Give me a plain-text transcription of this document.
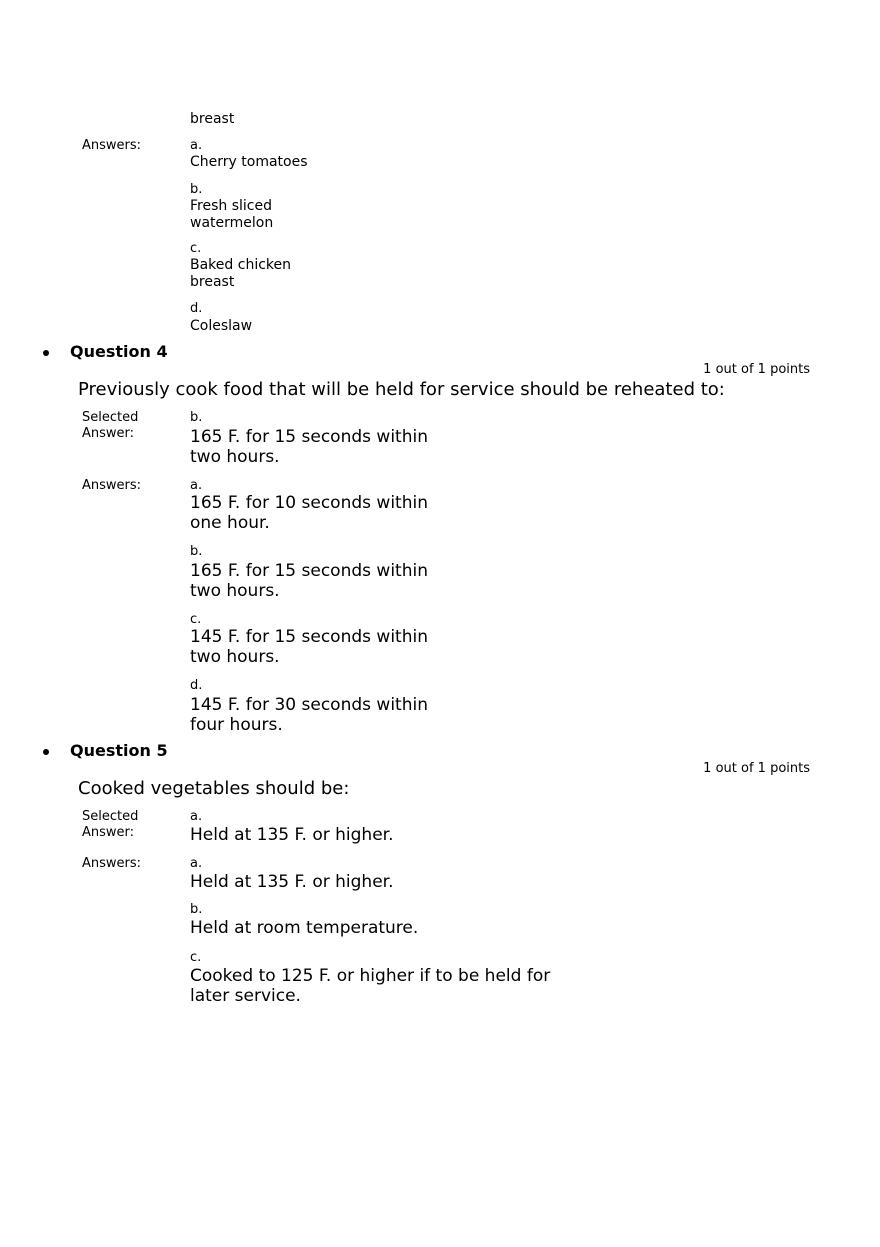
breast
Answers:	a.
Cherry tomatoes
b.
Fresh sliced
watermelon
c.
Baked chicken
breast
d.
Coleslaw
Question 4
1 out of 1 points
Previously cook food that will be held for service should be reheated to:
Selected
Answer:
b.
165 F. for 15 seconds within
two hours.
Answers:	a.
165 F. for 10 seconds within
one hour.
b.
165 F. for 15 seconds within
two hours.
c.
145 F. for 15 seconds within
two hours.
d.
145 F. for 30 seconds within
four hours.
Question 5
1 out of 1 points
Cooked vegetables should be:
Selected
Answer:
a.
Held at 135 F. or higher.
Answers:	a.
Held at 135 F. or higher.
b.
Held at room temperature.
c.
Cooked to 125 F. or higher if to be held for
later service.
